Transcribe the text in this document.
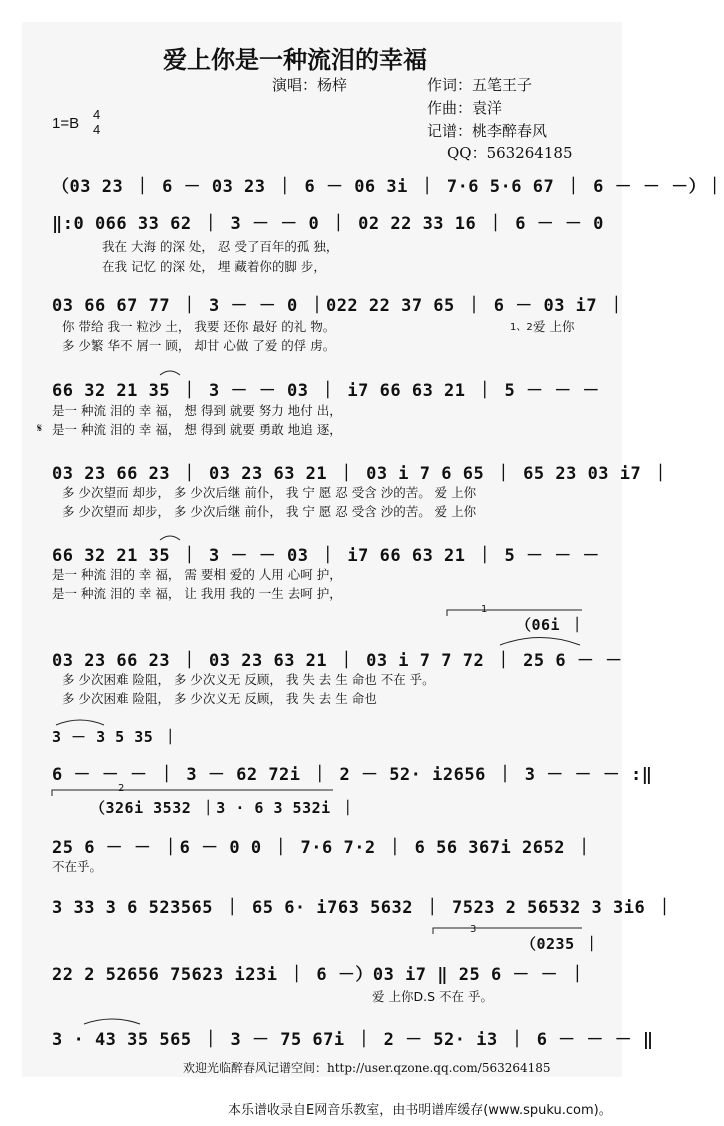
爱上你是一种流泪的幸福
演唱：杨梓	作词：五笔王子
作曲：袁洋
记谱：桃李醉春风
QQ：563264185
1=B
4
4
（03 23 ｜ 6 － 03 23 ｜ 6 － 06 3i ｜ 7·6 5·6 67 ｜ 6 － － －）｜
‖:0 066 33 62 ｜ 3 － － 0 ｜ 02 22 33 16 ｜ 6 － － 0
我在 大海 的深 处， 忍 受了百年的孤 独，
在我 记忆 的深 处， 埋 藏着你的脚 步，
03 66 67 77 ｜ 3 － － 0 ｜022 22 37 65 ｜ 6 － 03 i7 ｜
你 带给 我一 粒沙 土， 我要 还你 最好 的礼 物。
多 少繁 华不 屑一 顾， 却甘 心做 了爱 的俘 虏。
1、2 爱 上你
66 32 21 35 ｜ 3 － － 03 ｜ i7 66 63 21 ｜ 5 － － －
是一 种流 泪的 幸 福， 想 得到 就要 努力 地付 出，
是一 种流 泪的 幸 福， 想 得到 就要 勇敢 地追 逐，
𝄋
03 23 66 23 ｜ 03 23 63 21 ｜ 03 i 7 6 65 ｜ 65 23 03 i7 ｜
多 少次望而 却步， 多 少次后继 前仆， 我 宁 愿 忍 受含 沙的苦。 爱 上你
多 少次望而 却步， 多 少次后继 前仆， 我 宁 愿 忍 受含 沙的苦。 爱 上你
66 32 21 35 ｜ 3 － － 03 ｜ i7 66 63 21 ｜ 5 － － －
是一 种流 泪的 幸 福， 需 要相 爱的 人用 心呵 护，
是一 种流 泪的 幸 福， 让 我用 我的 一生 去呵 护，
1
（06i ｜
03 23 66 23 ｜ 03 23 63 21 ｜ 03 i 7 7 72 ｜ 25 6 － －
多 少次困难 险阻， 多 少次义无 反顾， 我 失 去 生 命也 不在 乎。
多 少次困难 险阻， 多 少次义无 反顾， 我 失 去 生 命也
3 － 3 5 35 ｜
6 － － － ｜ 3 － 62 72i ｜ 2 － 52· i2656 ｜ 3 － － － :‖
2
（326i 3532 ｜3 · 6 3 532i ｜
25 6 － － ｜6 － 0 0 ｜ 7·6 7·2 ｜ 6 56 367i 2652 ｜
不在乎。
3 33 3 6 523565 ｜ 65 6· i763 5632 ｜ 7523 2 56532 3 3i6 ｜
3
（0235 ｜
22 2 52656 75623 i23i ｜ 6 －）03 i7 ‖ 25 6 － － ｜
爱 上你D.S 不在 乎。
3 · 43 35 565 ｜ 3 － 75 67i ｜ 2 － 52· i3 ｜ 6 － － － ‖
欢迎光临醉春风记谱空间：http://user.qzone.qq.com/563264185
本乐谱收录自E网音乐教室，由书明谱库缓存(www.spuku.com)。
